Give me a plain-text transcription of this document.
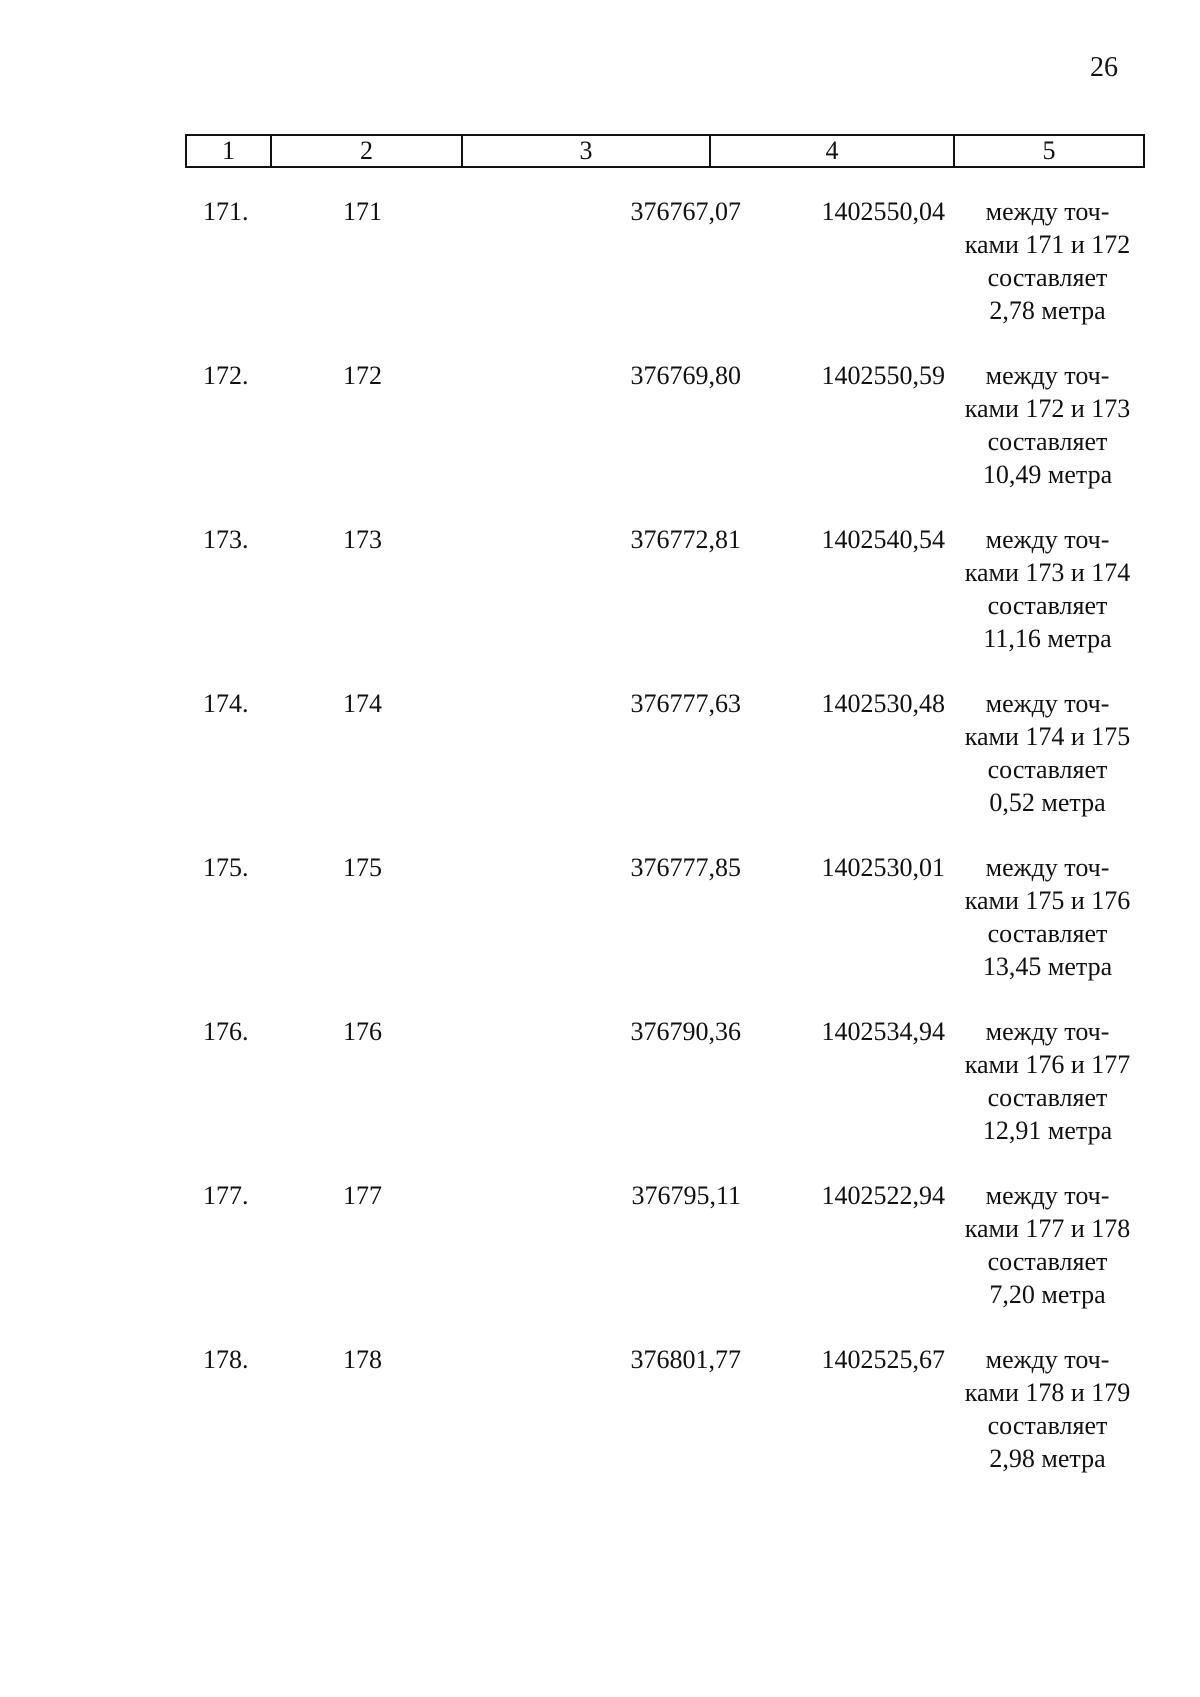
26
1	2	3	4	5
171.	171	376767,07	1402550,04	между точ-
ками 171 и 172
составляет
2,78 метра
172.	172	376769,80	1402550,59	между точ-
ками 172 и 173
составляет
10,49 метра
173.	173	376772,81	1402540,54	между точ-
ками 173 и 174
составляет
11,16 метра
174.	174	376777,63	1402530,48	между точ-
ками 174 и 175
составляет
0,52 метра
175.	175	376777,85	1402530,01	между точ-
ками 175 и 176
составляет
13,45 метра
176.	176	376790,36	1402534,94	между точ-
ками 176 и 177
составляет
12,91 метра
177.	177	376795,11	1402522,94	между точ-
ками 177 и 178
составляет
7,20 метра
178.	178	376801,77	1402525,67	между точ-
ками 178 и 179
составляет
2,98 метра
